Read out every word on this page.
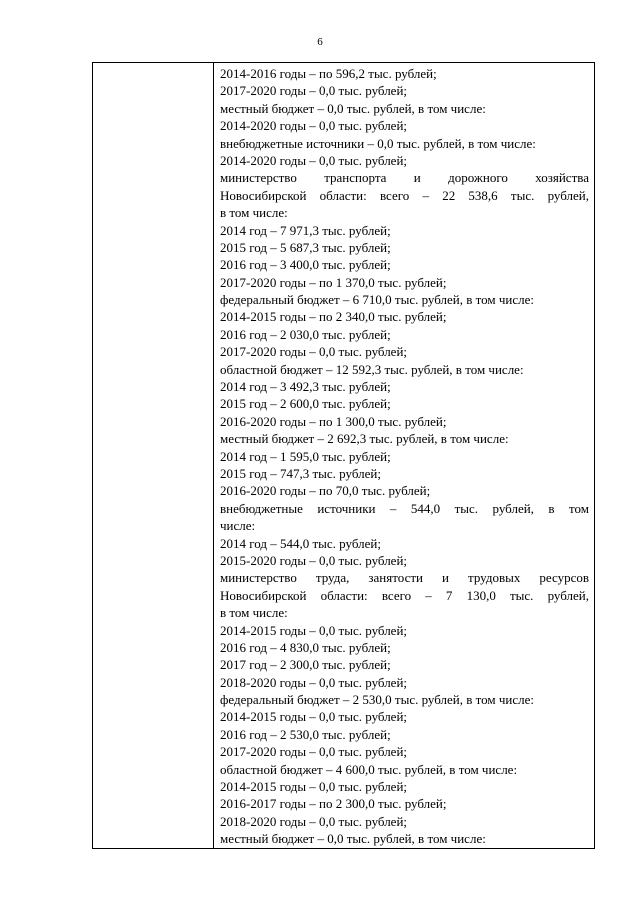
6

2014-2016 годы – по 596,2 тыс. рублей;
2017-2020 годы – 0,0 тыс. рублей;
местный бюджет – 0,0 тыс. рублей, в том числе:
2014-2020 годы – 0,0 тыс. рублей;
внебюджетные источники – 0,0 тыс. рублей, в том числе:
2014-2020 годы – 0,0 тыс. рублей;
министерство транспорта и дорожного хозяйства
Новосибирской области: всего – 22 538,6 тыс. рублей,
в том числе:
2014 год – 7 971,3 тыс. рублей;
2015 год – 5 687,3 тыс. рублей;
2016 год – 3 400,0 тыс. рублей;
2017-2020 годы – по 1 370,0 тыс. рублей;
федеральный бюджет – 6 710,0 тыс. рублей, в том числе:
2014-2015 годы – по 2 340,0 тыс. рублей;
2016 год – 2 030,0 тыс. рублей;
2017-2020 годы – 0,0 тыс. рублей;
областной бюджет – 12 592,3 тыс. рублей, в том числе:
2014 год – 3 492,3 тыс. рублей;
2015 год – 2 600,0 тыс. рублей;
2016-2020 годы – по 1 300,0 тыс. рублей;
местный бюджет – 2 692,3 тыс. рублей, в том числе:
2014 год – 1 595,0 тыс. рублей;
2015 год – 747,3 тыс. рублей;
2016-2020 годы – по 70,0 тыс. рублей;
внебюджетные источники – 544,0 тыс. рублей, в том
числе:
2014 год – 544,0 тыс. рублей;
2015-2020 годы – 0,0 тыс. рублей;
министерство труда, занятости и трудовых ресурсов
Новосибирской области: всего – 7 130,0 тыс. рублей,
в том числе:
2014-2015 годы – 0,0 тыс. рублей;
2016 год – 4 830,0 тыс. рублей;
2017 год – 2 300,0 тыс. рублей;
2018-2020 годы – 0,0 тыс. рублей;
федеральный бюджет – 2 530,0 тыс. рублей, в том числе:
2014-2015 годы – 0,0 тыс. рублей;
2016 год – 2 530,0 тыс. рублей;
2017-2020 годы – 0,0 тыс. рублей;
областной бюджет – 4 600,0 тыс. рублей, в том числе:
2014-2015 годы – 0,0 тыс. рублей;
2016-2017 годы – по 2 300,0 тыс. рублей;
2018-2020 годы – 0,0 тыс. рублей;
местный бюджет – 0,0 тыс. рублей, в том числе:
